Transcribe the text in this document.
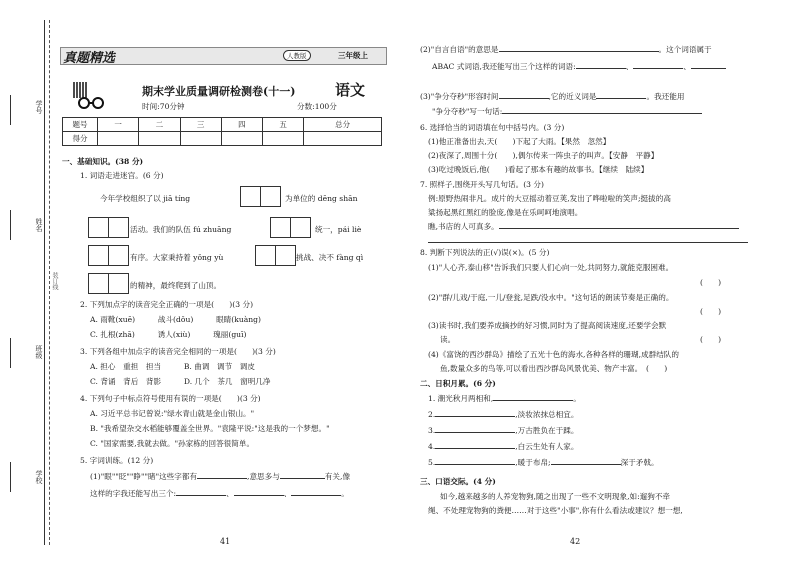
学号
姓名
班级
学校
装订线
真题精选	人教版	三年级上
期末学业质量调研检测卷(十一)	语文
时间:70分钟	分数:100分
题号	一	二	三	四	五	总分
得分						
一、基础知识。(38 分)
1. 词语走进迷宫。(6 分)
今年学校组织了以 jiā tíng	为单位的 dēng shān
活动。我们的队伍 fú zhuāng	统一，pái liè
有序。大家秉持着 yǒng yù	挑战、决不 fàng qì
的精神，最终爬到了山顶。
2. 下列加点字的读音完全正确的一项是(　　)(3 分)
A. 雨靴(xuē)　　　战斗(dǒu)　　　眼睛(kuàng)
C. 扎根(zhā)　　　诱人(xiù)　　　瑰丽(guī)
3. 下列各组中加点字的读音完全相同的一项是(　　)(3 分)
A. 担心　重担　担当　　　B. 曲调　调节　调皮
C. 背诵　背后　背影　　　D. 几个　茶几　窗明几净
4. 下列句子中标点符号使用有误的一项是(　　)(3 分)
A. 习近平总书记曾说:"绿水青山就是金山银山。"
B. "我希望杂交水稻能够覆盖全世界。"袁隆平说:"这是我的一个梦想。"
C. "国家需要,我就去做。"孙家栋的回答很简单。
5. 字词训练。(12 分)
(1)"眼""眨""睁""睹"这些字都有	,意思多与	有关,像
这样的字我还能写出三个:	、	、	。
41
(2)"自言自语"的意思是	。这个词语属于
ABAC 式词语,我还能写出三个这样的词语:	、	、
(3)"争分夺秒"形容时间	,它的近义词是	。我还能用
"争分夺秒"写一句话:
6. 选择恰当的词语填在句中括号内。(3 分)
(1)他正准备出去,天(　　)下起了大雨。【果然　忽然】
(2)夜深了,周围十分(　　),偶尔传来一阵虫子的叫声。【安静　平静】
(3)吃过晚饭后,他(　　)看起了那本有趣的故事书。【继续　陆续】
7. 照样子,围绕开头写几句话。(3 分)
例:原野热闹非凡。成片的大豆摇动着豆荚,发出了哗啦啦的笑声;挺拔的高
粱扬起黑红黑红的脸庞,像是在乐呵呵地演唱。
瞧,书店的人可真多。
8. 判断下列说法的正(√)误(×)。(5 分)
(1)"人心齐,泰山移"告诉我们只要人们心向一处,共同努力,就能克服困难。
(　　)
(2)"群/儿戏/于庭,一儿/登瓮,足跌/没水中。"这句话的朗读节奏是正确的。
(　　)
(3)读书时,我们要养成摘抄的好习惯,同时为了提高阅读速度,还要学会默
读。	(　　)
(4)《富饶的西沙群岛》描绘了五光十色的海水,各种各样的珊瑚,成群结队的
鱼,数量众多的鸟等,可以看出西沙群岛风景优美、物产丰富。　(　　)
二、日积月累。(6 分)
1. 潮光秋月两相和,	。
2.	,淡妆浓抹总相宜。
3.	,万古胜负在于蹂。
4.	,白云生处有人家。
5.	,暖于布帛;	深于矛戟。
三、口语交际。(4 分)
如今,越来越多的人养宠物狗,随之出现了一些不文明现象,如:遛狗不牵
绳、不处理宠物狗的粪便……对于这些"小事",你有什么看法或建议？想一想,
42
